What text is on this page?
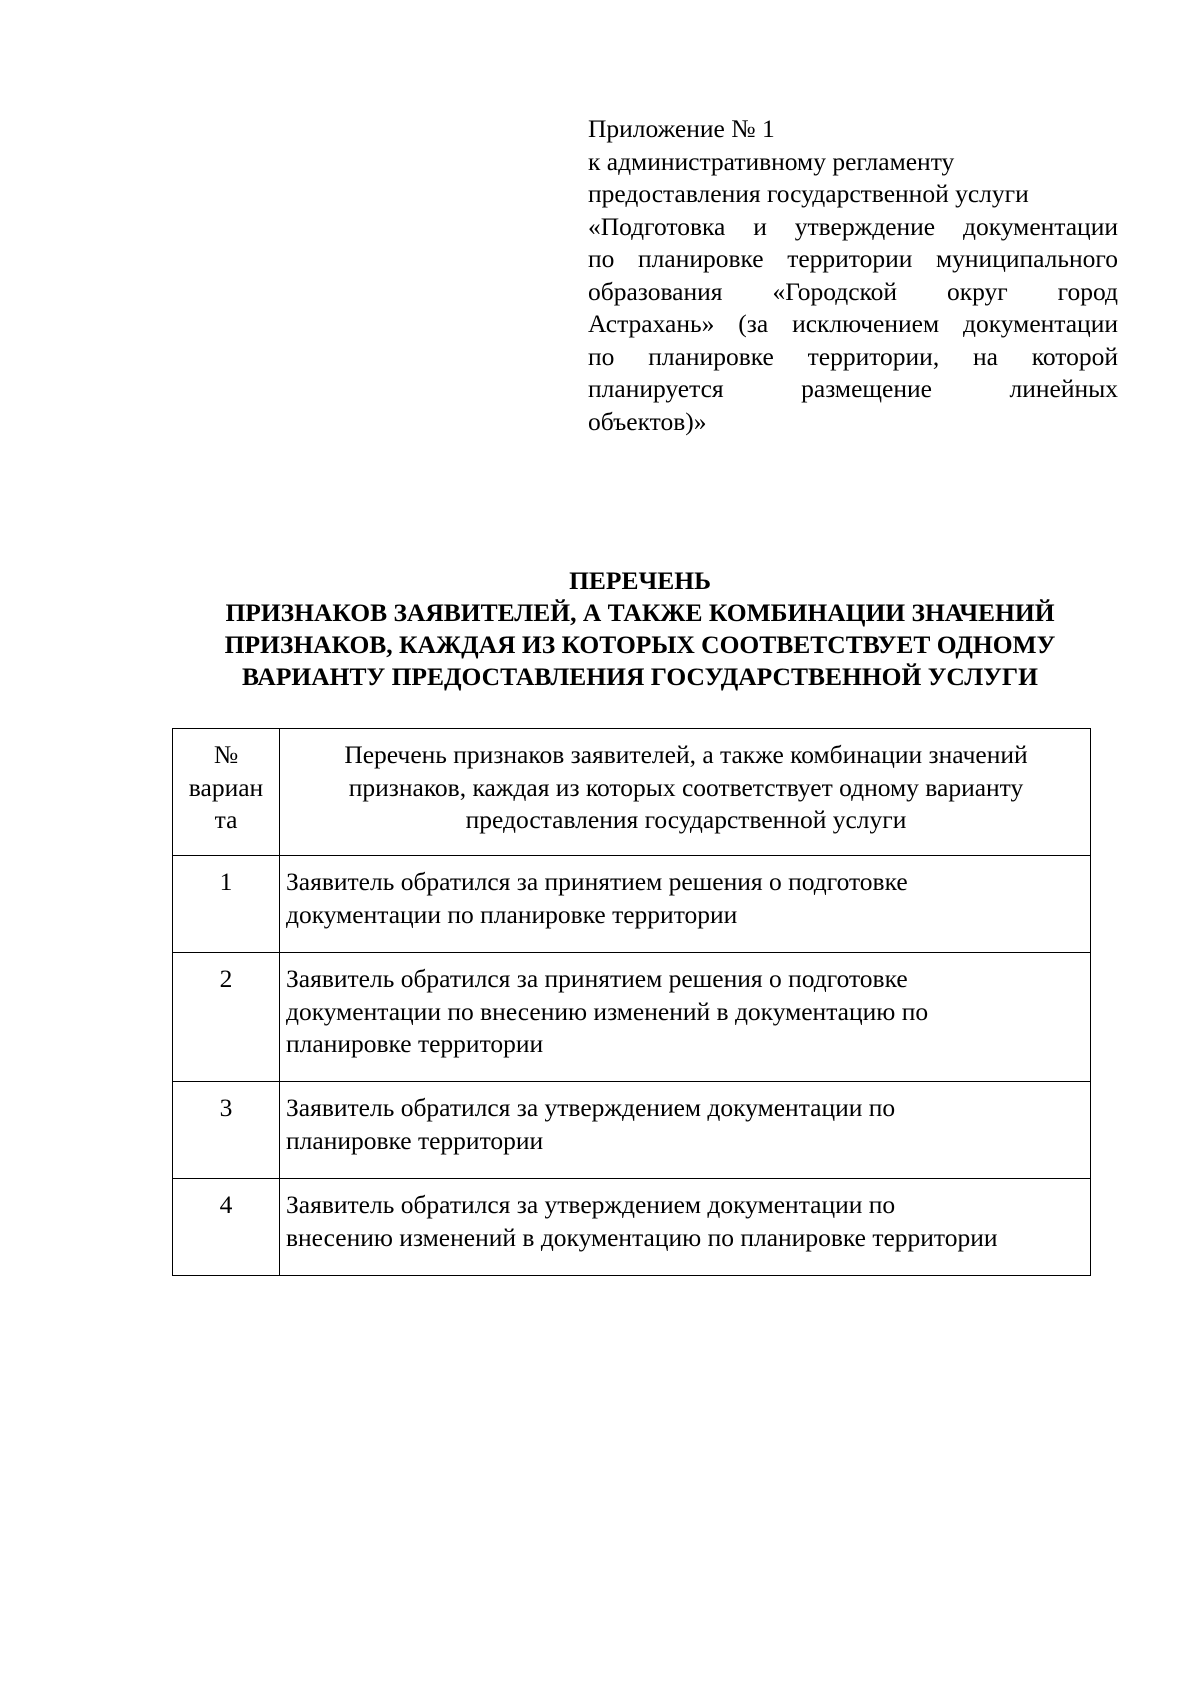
Приложение № 1
к административному регламенту
предоставления государственной услуги
«Подготовка и утверждение документации
по планировке территории муниципального
образования «Городской округ город
Астрахань» (за исключением документации
по планировке территории, на которой
планируется размещение линейных
объектов)»
ПЕРЕЧЕНЬ
ПРИЗНАКОВ ЗАЯВИТЕЛЕЙ, А ТАКЖЕ КОМБИНАЦИИ ЗНАЧЕНИЙ
ПРИЗНАКОВ, КАЖДАЯ ИЗ КОТОРЫХ СООТВЕТСТВУЕТ ОДНОМУ
ВАРИАНТУ ПРЕДОСТАВЛЕНИЯ ГОСУДАРСТВЕННОЙ УСЛУГИ
№
вариан
та	Перечень признаков заявителей, а также комбинации значений
признаков, каждая из которых соответствует одному варианту
предоставления государственной услуги

1	Заявитель обратился за принятием решения о подготовке
документации по планировке территории

2	Заявитель обратился за принятием решения о подготовке
документации по внесению изменений в документацию по
планировке территории

3	Заявитель обратился за утверждением документации по
планировке территории

4	Заявитель обратился за утверждением документации по
внесению изменений в документацию по планировке территории
